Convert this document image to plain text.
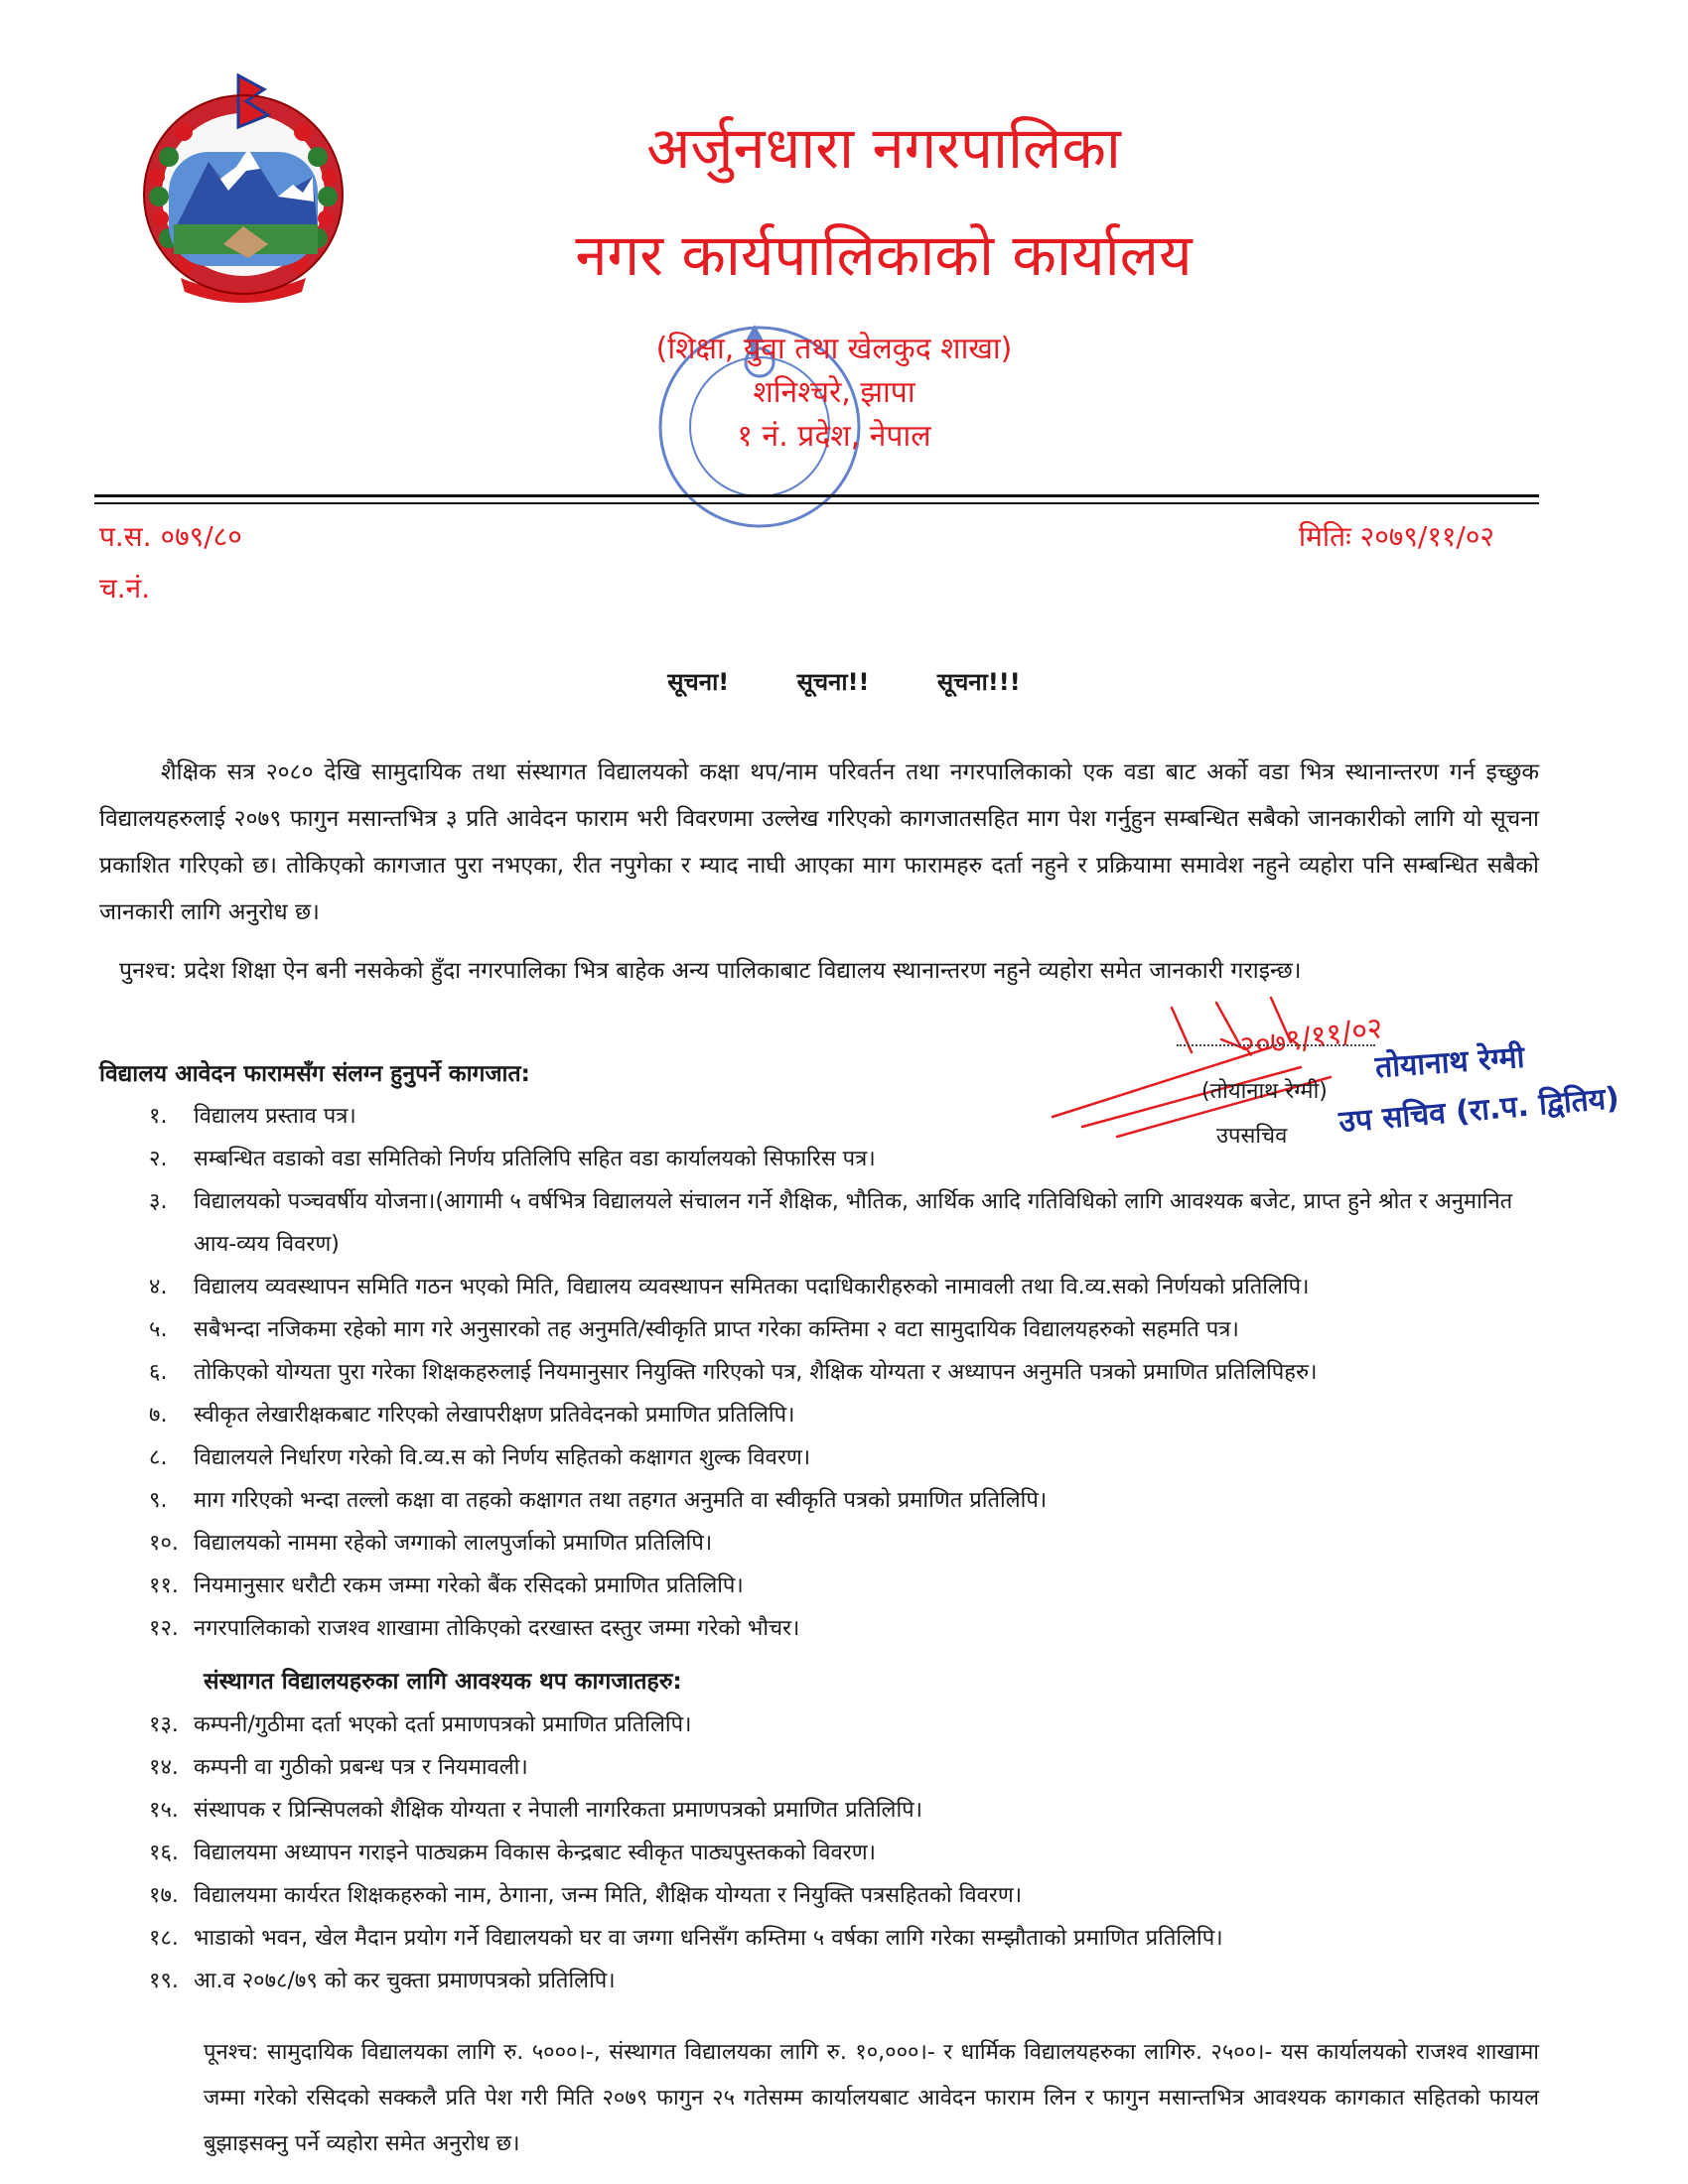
अर्जुनधारा नगरपालिका
नगर कार्यपालिकाको कार्यालय
(शिक्षा, युवा तथा खेलकुद शाखा)
शनिश्चरे, झापा
१ नं. प्रदेश, नेपाल
प.स. ०७९/८०
च.नं.
मितिः २०७९/११/०२
सूचना! सूचना!! सूचना!!!
शैक्षिक सत्र २०८० देखि सामुदायिक तथा संस्थागत विद्यालयको कक्षा थप/नाम परिवर्तन तथा नगरपालिकाको एक वडा बाट अर्को वडा भित्र स्थानान्तरण गर्न इच्छुक विद्यालयहरुलाई २०७९ फागुन मसान्तभित्र ३ प्रति आवेदन फाराम भरी विवरणमा उल्लेख गरिएको कागजातसहित माग पेश गर्नुहुन सम्बन्धित सबैको जानकारीको लागि यो सूचना प्रकाशित गरिएको छ। तोकिएको कागजात पुरा नभएका, रीत नपुगेका र म्याद नाघी आएका माग फारामहरु दर्ता नहुने र प्रक्रियामा समावेश नहुने व्यहोरा पनि सम्बन्धित सबैको जानकारी लागि अनुरोध छ।
पुनश्च: प्रदेश शिक्षा ऐन बनी नसकेको हुँदा नगरपालिका भित्र बाहेक अन्य पालिकाबाट विद्यालय स्थानान्तरण नहुने व्यहोरा समेत जानकारी गराइन्छ।
२०७९/११/०२
(तोयानाथ रेग्मी)
उपसचिव
तोयानाथ रेग्मी
उप सचिव (रा.प. द्वितिय)
विद्यालय आवेदन फारामसँग संलग्न हुनुपर्ने कागजात:
१.	विद्यालय प्रस्ताव पत्र।
२.	सम्बन्धित वडाको वडा समितिको निर्णय प्रतिलिपि सहित वडा कार्यालयको सिफारिस पत्र।
३.	विद्यालयको पञ्चवर्षीय योजना।(आगामी ५ वर्षभित्र विद्यालयले संचालन गर्ने शैक्षिक, भौतिक, आर्थिक आदि गतिविधिको लागि आवश्यक बजेट, प्राप्त हुने श्रोत र अनुमानित आय-व्यय विवरण)
४.	विद्यालय व्यवस्थापन समिति गठन भएको मिति, विद्यालय व्यवस्थापन समितका पदाधिकारीहरुको नामावली तथा वि.व्य.सको निर्णयको प्रतिलिपि।
५.	सबैभन्दा नजिकमा रहेको माग गरे अनुसारको तह अनुमति/स्वीकृति प्राप्त गरेका कम्तिमा २ वटा सामुदायिक विद्यालयहरुको सहमति पत्र।
६.	तोकिएको योग्यता पुरा गरेका शिक्षकहरुलाई नियमानुसार नियुक्ति गरिएको पत्र, शैक्षिक योग्यता र अध्यापन अनुमति पत्रको प्रमाणित प्रतिलिपिहरु।
७.	स्वीकृत लेखारीक्षकबाट गरिएको लेखापरीक्षण प्रतिवेदनको प्रमाणित प्रतिलिपि।
८.	विद्यालयले निर्धारण गरेको वि.व्य.स को निर्णय सहितको कक्षागत शुल्क विवरण।
९.	माग गरिएको भन्दा तल्लो कक्षा वा तहको कक्षागत तथा तहगत अनुमति वा स्वीकृति पत्रको प्रमाणित प्रतिलिपि।
१०. विद्यालयको नाममा रहेको जग्गाको लालपुर्जाको प्रमाणित प्रतिलिपि।
११. नियमानुसार धरौटी रकम जम्मा गरेको बैंक रसिदको प्रमाणित प्रतिलिपि।
१२. नगरपालिकाको राजश्व शाखामा तोकिएको दरखास्त दस्तुर जम्मा गरेको भौचर।
संस्थागत विद्यालयहरुका लागि आवश्यक थप कागजातहरु:
१३. कम्पनी/गुठीमा दर्ता भएको दर्ता प्रमाणपत्रको प्रमाणित प्रतिलिपि।
१४. कम्पनी वा गुठीको प्रबन्ध पत्र र नियमावली।
१५. संस्थापक र प्रिन्सिपलको शैक्षिक योग्यता र नेपाली नागरिकता प्रमाणपत्रको प्रमाणित प्रतिलिपि।
१६. विद्यालयमा अध्यापन गराइने पाठ्यक्रम विकास केन्द्रबाट स्वीकृत पाठ्यपुस्तकको विवरण।
१७. विद्यालयमा कार्यरत शिक्षकहरुको नाम, ठेगाना, जन्म मिति, शैक्षिक योग्यता र नियुक्ति पत्रसहितको विवरण।
१८. भाडाको भवन, खेल मैदान प्रयोग गर्ने विद्यालयको घर वा जग्गा धनिसँग कम्तिमा ५ वर्षका लागि गरेका सम्झौताको प्रमाणित प्रतिलिपि।
१९. आ.व २०७८/७९ को कर चुक्ता प्रमाणपत्रको प्रतिलिपि।
पूनश्च: सामुदायिक विद्यालयका लागि रु. ५०००।-, संस्थागत विद्यालयका लागि रु. १०,०००।- र धार्मिक विद्यालयहरुका लागिरु. २५००।- यस कार्यालयको राजश्व शाखामा जम्मा गरेको रसिदको सक्कलै प्रति पेश गरी मिति २०७९ फागुन २५ गतेसम्म कार्यालयबाट आवेदन फाराम लिन र फागुन मसान्तभित्र आवश्यक कागकात सहितको फायल बुझाइसक्नु पर्ने व्यहोरा समेत अनुरोध छ।
